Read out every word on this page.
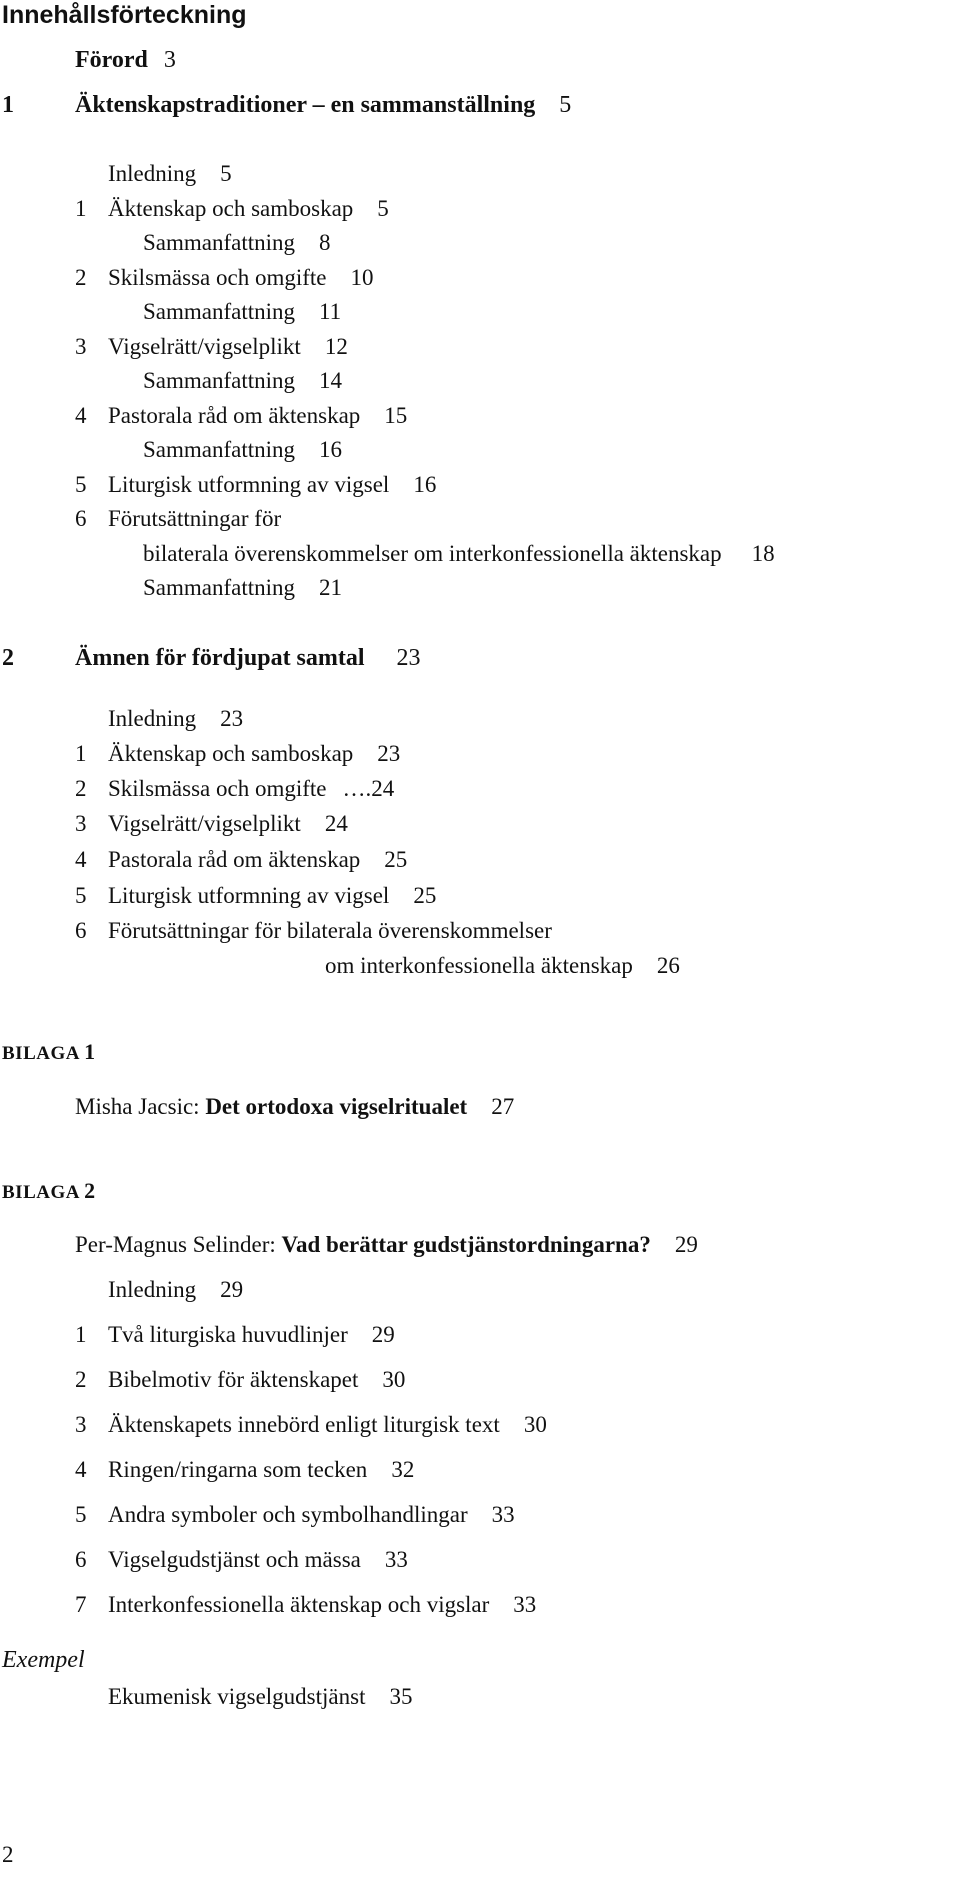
Innehållsförteckning
Förord 3
1	Äktenskapstraditioner – en sammanställning 5
Inledning 5
1 Äktenskap och samboskap 5
Sammanfattning 8
2 Skilsmässa och omgifte 10
Sammanfattning 11
3 Vigselrätt/vigselplikt 12
Sammanfattning 14
4 Pastorala råd om äktenskap 15
Sammanfattning 16
5 Liturgisk utformning av vigsel 16
6 Förutsättningar för
bilaterala överenskommelser om interkonfessionella äktenskap 18
Sammanfattning 21
2	Ämnen för fördjupat samtal 23
Inledning 23
1 Äktenskap och samboskap 23
2 Skilsmässa och omgifte ….24
3 Vigselrätt/vigselplikt 24
4 Pastorala råd om äktenskap 25
5 Liturgisk utformning av vigsel 25
6 Förutsättningar för bilaterala överenskommelser
om interkonfessionella äktenskap 26
BILAGA 1
Misha Jacsic: Det ortodoxa vigselritualet 27
BILAGA 2
Per-Magnus Selinder: Vad berättar gudstjänstordningarna? 29
Inledning 29
1 Två liturgiska huvudlinjer 29
2 Bibelmotiv för äktenskapet 30
3 Äktenskapets innebörd enligt liturgisk text 30
4 Ringen/ringarna som tecken 32
5 Andra symboler och symbolhandlingar 33
6 Vigselgudstjänst och mässa 33
7 Interkonfessionella äktenskap och vigslar 33
Exempel
Ekumenisk vigselgudstjänst 35
2
